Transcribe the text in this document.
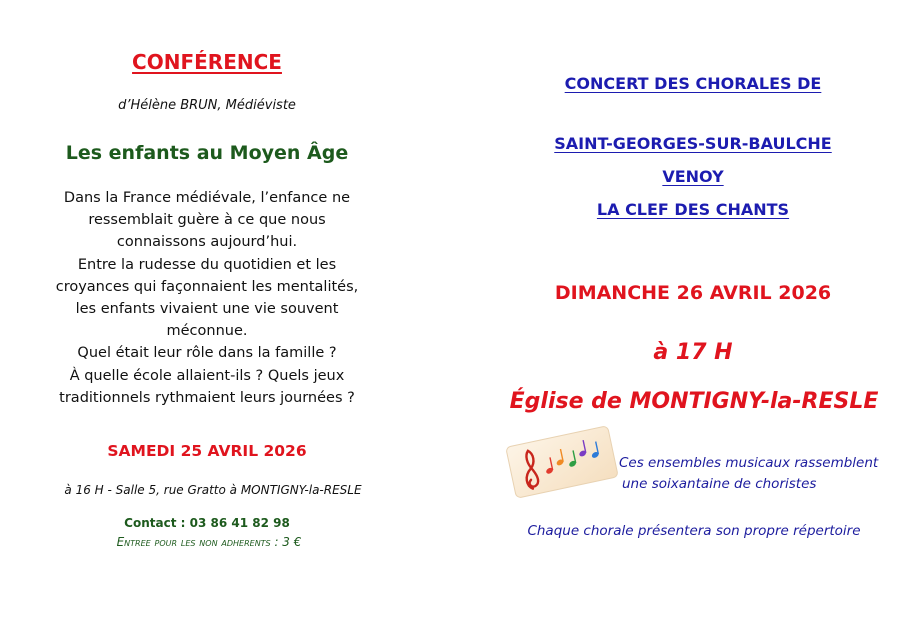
CONFÉRENCE
d’Hélène BRUN, Médiéviste
Les enfants au Moyen Âge
Dans la France médiévale, l’enfance ne
ressemblait guère à ce que nous
connaissons aujourd’hui.
Entre la rudesse du quotidien et les
croyances qui façonnaient les mentalités,
les enfants vivaient une vie souvent
méconnue.
Quel était leur rôle dans la famille ?
À quelle école allaient-ils ? Quels jeux
traditionnels rythmaient leurs journées ?
SAMEDI 25 AVRIL 2026
à 16 H - Salle 5, rue Gratto à MONTIGNY-la-RESLE
Contact : 03 86 41 82 98
Entree pour les non adherents : 3 €
CONCERT DES CHORALES DE
SAINT-GEORGES-SUR-BAULCHE
VENOY
LA CLEF DES CHANTS
DIMANCHE 26 AVRIL 2026
à 17 H
Église de MONTIGNY-la-RESLE
Ces ensembles musicaux rassemblent
une soixantaine de choristes
Chaque chorale présentera son propre répertoire
